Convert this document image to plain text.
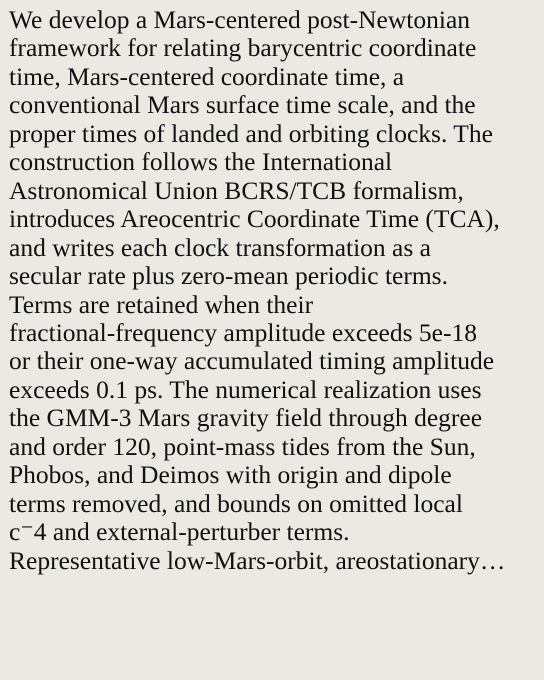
We develop a Mars-centered post-Newtonian
framework for relating barycentric coordinate
time, Mars-centered coordinate time, a
conventional Mars surface time scale, and the
proper times of landed and orbiting clocks. The
construction follows the International
Astronomical Union BCRS/TCB formalism,
introduces Areocentric Coordinate Time (TCA),
and writes each clock transformation as a
secular rate plus zero-mean periodic terms.
Terms are retained when their
fractional-frequency amplitude exceeds 5e-18
or their one-way accumulated timing amplitude
exceeds 0.1 ps. The numerical realization uses
the GMM-3 Mars gravity field through degree
and order 120, point-mass tides from the Sun,
Phobos, and Deimos with origin and dipole
terms removed, and bounds on omitted local
c⁻4 and external-perturber terms.
Representative low-Mars-orbit, areostationary…
